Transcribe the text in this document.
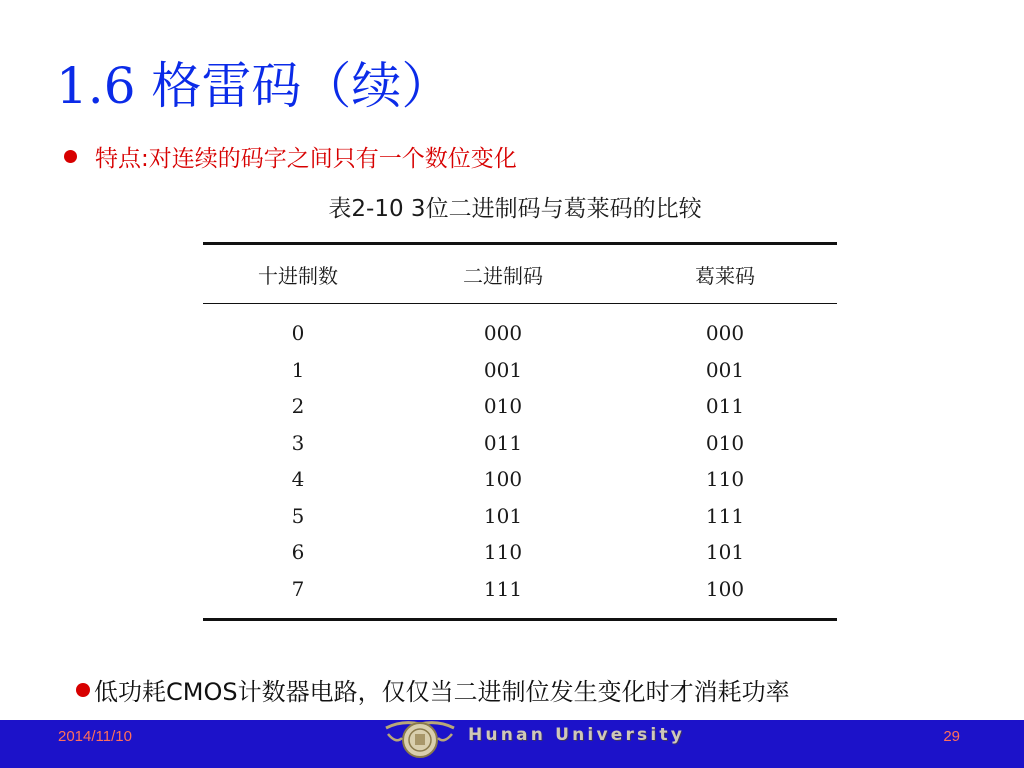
1.6 格雷码（续）
特点:对连续的码字之间只有一个数位变化
表2-10 3位二进制码与葛莱码的比较
十进制数	二进制码	葛莱码
0	000	000
1	001	001
2	010	011
3	011	010
4	100	110
5	101	111
6	110	101
7	111	100
低功耗CMOS计数器电路，仅仅当二进制位发生变化时才消耗功率
2014/11/10	Hunan University	29
